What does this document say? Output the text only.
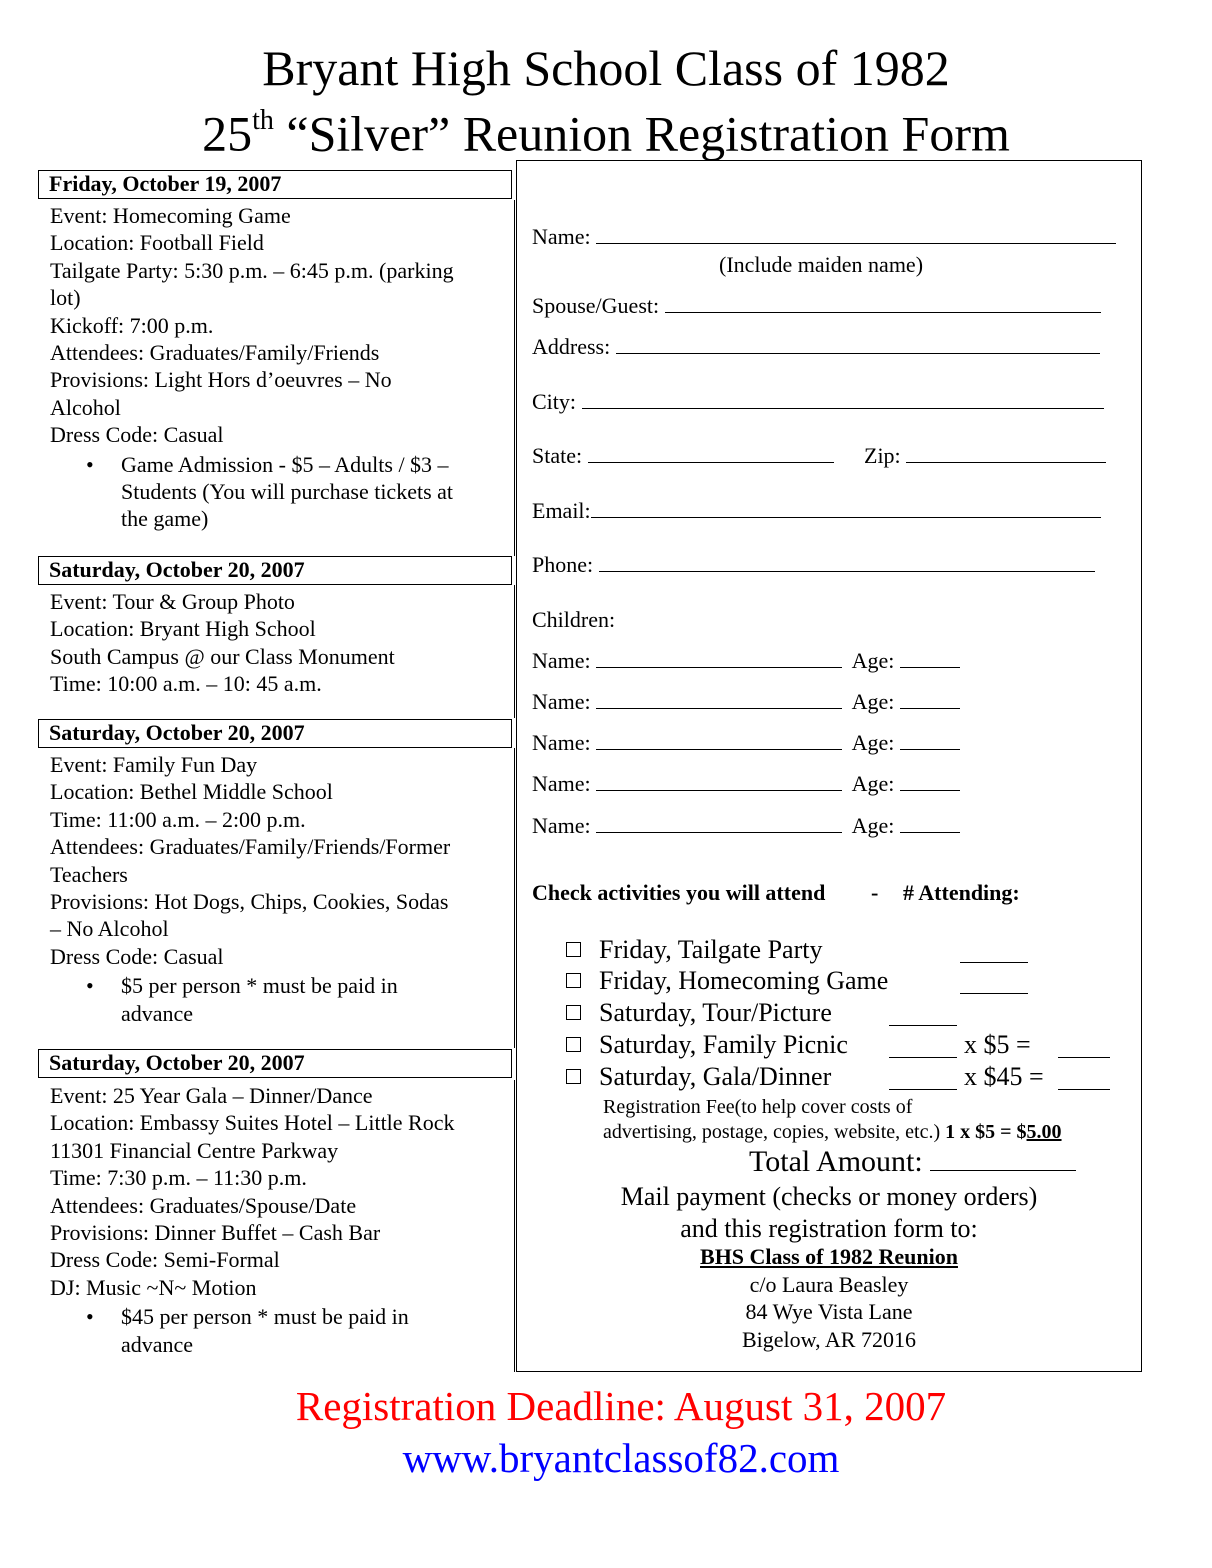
Bryant High School Class of 1982
25th “Silver” Reunion Registration Form
Friday, October 19, 2007

Event: Homecoming Game

Location: Football Field

Tailgate Party: 5:30 p.m. – 6:45 p.m. (parking

lot)

Kickoff: 7:00 p.m.

Attendees: Graduates/Family/Friends

Provisions: Light Hors d’oeuvres – No

Alcohol

Dress Code: Casual

• Game Admission - $5 – Adults / $3 –

Students (You will purchase tickets at

the game)

Saturday, October 20, 2007

Event: Tour & Group Photo

Location: Bryant High School

South Campus @ our Class Monument

Time: 10:00 a.m. – 10: 45 a.m.

Saturday, October 20, 2007

Event: Family Fun Day

Location: Bethel Middle School

Time: 11:00 a.m. – 2:00 p.m.

Attendees: Graduates/Family/Friends/Former

Teachers

Provisions: Hot Dogs, Chips, Cookies, Sodas

– No Alcohol

Dress Code: Casual

• $5 per person * must be paid in

advance

Saturday, October 20, 2007

Event: 25 Year Gala – Dinner/Dance

Location: Embassy Suites Hotel – Little Rock

11301 Financial Centre Parkway

Time: 7:30 p.m. – 11:30 p.m.

Attendees: Graduates/Spouse/Date

Provisions: Dinner Buffet – Cash Bar

Dress Code: Semi-Formal

DJ: Music ~N~ Motion

• $45 per person * must be paid in

advance

Name:
(Include maiden name)
Spouse/Guest:
Address:
City:
State:	Zip:
Email:
Phone:
Children:
Name:	Age:
Name:	Age:
Name:	Age:
Name:	Age:
Name:	Age:
Check activities you will attend - # Attending:
Friday, Tailgate Party
Friday, Homecoming Game
Saturday, Tour/Picture
Saturday, Family Picnic	x $5 =
Saturday, Gala/Dinner	x $45 =
Registration Fee(to help cover costs of
advertising, postage, copies, website, etc.) 1 x $5 = $5.00
Total Amount:
Mail payment (checks or money orders)
and this registration form to:
BHS Class of 1982 Reunion
c/o Laura Beasley
84 Wye Vista Lane
Bigelow, AR 72016
Registration Deadline: August 31, 2007
www.bryantclassof82.com
